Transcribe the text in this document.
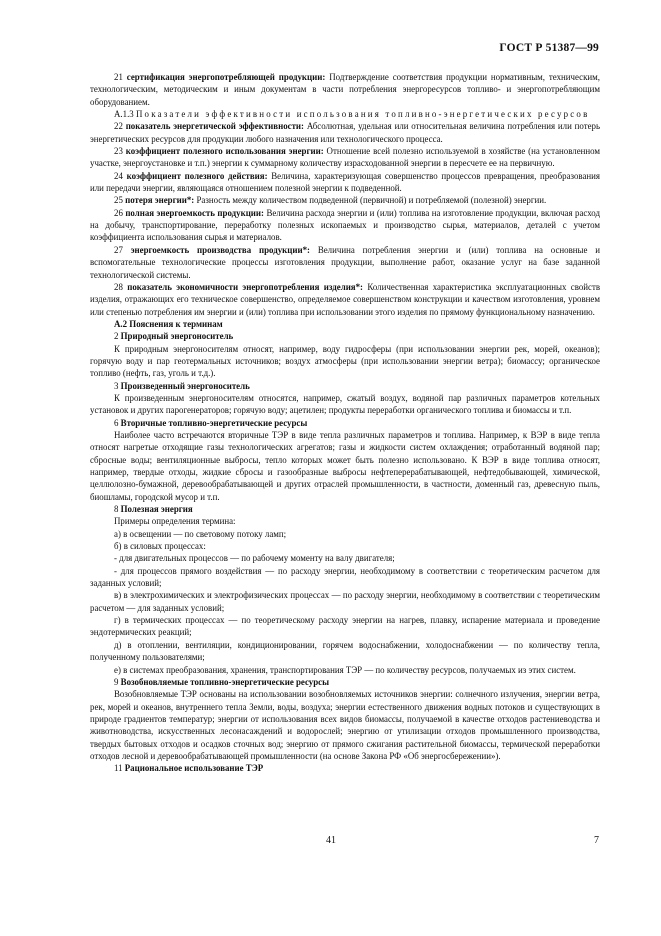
ГОСТ Р 51387—99

21 сертификация энергопотребляющей продукции: Подтверждение соответствия продукции нормативным, техническим, технологическим, методическим и иным документам в части потребления энергоресурсов топливо- и энергопотребляющим оборудованием.

А.1.3 Показатели эффективности использования топливно-энергетических ресурсов

22 показатель энергетической эффективности: Абсолютная, удельная или относительная величина потребления или потерь энергетических ресурсов для продукции любого назначения или технологического процесса.

23 коэффициент полезного использования энергии: Отношение всей полезно используемой в хозяйстве (на установленном участке, энергоустановке и т.п.) энергии к суммарному количеству израсходованной энергии в пересчете ее на первичную.

24 коэффициент полезного действия: Величина, характеризующая совершенство процессов превращения, преобразования или передачи энергии, являющаяся отношением полезной энергии к подведенной.

25 потеря энергии*: Разность между количеством подведенной (первичной) и потребляемой (полезной) энергии.

26 полная энергоемкость продукции: Величина расхода энергии и (или) топлива на изготовление продукции, включая расход на добычу, транспортирование, переработку полезных ископаемых и производство сырья, материалов, деталей с учетом коэффициента использования сырья и материалов.

27 энергоемкость производства продукции*: Величина потребления энергии и (или) топлива на основные и вспомогательные технологические процессы изготовления продукции, выполнение работ, оказание услуг на базе заданной технологической системы.

28 показатель экономичности энергопотребления изделия*: Количественная характеристика эксплуатационных свойств изделия, отражающих его техническое совершенство, определяемое совершенством конструкции и качеством изготовления, уровнем или степенью потребления им энергии и (или) топлива при использовании этого изделия по прямому функциональному назначению.

А.2 Пояснения к терминам

2 Природный энергоноситель

К природным энергоносителям относят, например, воду гидросферы (при использовании энергии рек, морей, океанов); горячую воду и пар геотермальных источников; воздух атмосферы (при использовании энергии ветра); биомассу; органическое топливо (нефть, газ, уголь и т.д.).

3 Произведенный энергоноситель

К произведенным энергоносителям относятся, например, сжатый воздух, водяной пар различных параметров котельных установок и других парогенераторов; горячую воду; ацетилен; продукты переработки органического топлива и биомассы и т.п.

6 Вторичные топливно-энергетические ресурсы

Наиболее часто встречаются вторичные ТЭР в виде тепла различных параметров и топлива. Например, к ВЭР в виде тепла относят нагретые отходящие газы технологических агрегатов; газы и жидкости систем охлаждения; отработанный водяной пар; сбросные воды; вентиляционные выбросы, тепло которых может быть полезно использовано. К ВЭР в виде топлива относят, например, твердые отходы, жидкие сбросы и газообразные выбросы нефтеперерабатывающей, нефтедобывающей, химической, целлюлозно-бумажной, деревообрабатывающей и других отраслей промышленности, в частности, доменный газ, древесную пыль, биошламы, городской мусор и т.п.

8 Полезная энергия

Примеры определения термина:

а) в освещении — по световому потоку ламп;

б) в силовых процессах:

- для двигательных процессов — по рабочему моменту на валу двигателя;

- для процессов прямого воздействия — по расходу энергии, необходимому в соответствии с теоретическим расчетом для заданных условий;

в) в электрохимических и электрофизических процессах — по расходу энергии, необходимому в соответствии с теоретическим расчетом — для заданных условий;

г) в термических процессах — по теоретическому расходу энергии на нагрев, плавку, испарение материала и проведение эндотермических реакций;

д) в отоплении, вентиляции, кондиционировании, горячем водоснабжении, холодоснабжении — по количеству тепла, полученному пользователями;

е) в системах преобразования, хранения, транспортирования ТЭР — по количеству ресурсов, получаемых из этих систем.

9 Возобновляемые топливно-энергетические ресурсы

Возобновляемые ТЭР основаны на использовании возобновляемых источников энергии: солнечного излучения, энергии ветра, рек, морей и океанов, внутреннего тепла Земли, воды, воздуха; энергии естественного движения водных потоков и существующих в природе градиентов температур; энергии от использования всех видов биомассы, получаемой в качестве отходов растениеводства и животноводства, искусственных лесонасаждений и водорослей; энергию от утилизации отходов промышленного производства, твердых бытовых отходов и осадков сточных вод; энергию от прямого сжигания растительной биомассы, термической переработки отходов лесной и деревообрабатывающей промышленности (на основе Закона РФ «Об энергосбережении»).

11 Рациональное использование ТЭР

41	7
